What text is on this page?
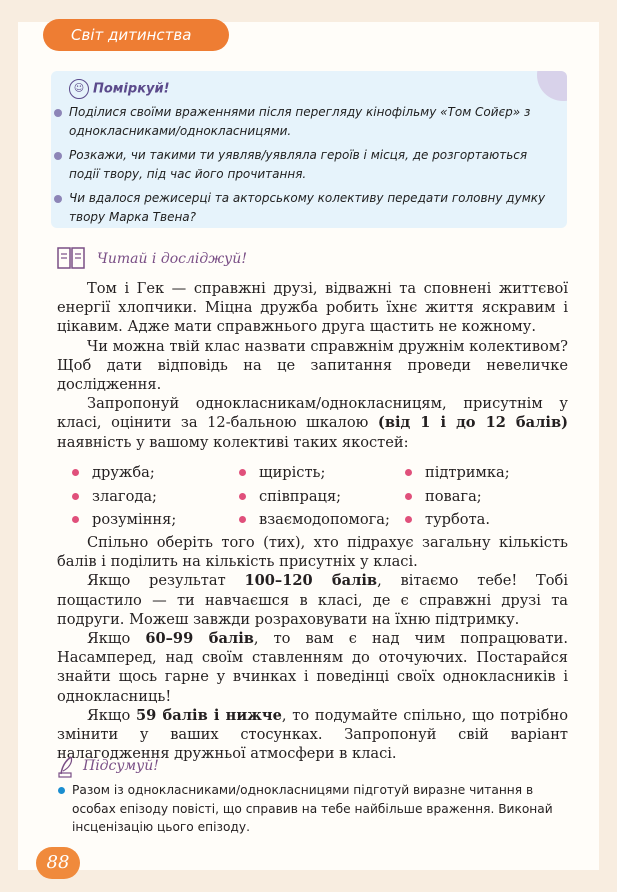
Світ дитинства
☺ Поміркуй!
Поділися своїми враженнями після перегляду кінофільму «Том Сойєр» з однокласниками/однокласницями.
Розкажи, чи такими ти уявляв/уявляла героїв і місця, де розгортаються події твору, під час його прочитання.
Чи вдалося режисерці та акторському колективу передати головну думку твору Марка Твена?
Читай і досліджуй!

Том і Гек — справжні друзі, відважні та сповнені життєвої енергії хлопчики. Міцна дружба робить їхнє життя яскравим і цікавим. Адже мати справжнього друга щастить не кожному.

Чи можна твій клас назвати справжнім дружнім колективом? Щоб дати відповідь на це запитання проведи невеличке дослідження.

Запропонуй однокласникам/однокласницям, присутнім у класі, оцінити за 12-бальною шкалою (від 1 і до 12 балів) наявність у вашому колективі таких якостей:

дружба;
злагода;
розуміння;
щирість;
співпраця;
взаємодопомога;
підтримка;
повага;
турбота.

Спільно оберіть того (тих), хто підрахує загальну кількість балів і поділить на кількість присутніх у класі.

Якщо результат 100–120 балів, вітаємо тебе! Тобі пощастило — ти навчаєшся в класі, де є справжні друзі та подруги. Можеш завжди розраховувати на їхню підтримку.

Якщо 60–99 балів, то вам є над чим попрацювати. Насамперед, над своїм ставленням до оточуючих. Постарайся знайти щось гарне у вчинках і поведінці своїх однокласників і однокласниць!

Якщо 59 балів і нижче, то подумайте спільно, що потрібно змінити у ваших стосунках. Запропонуй свій варіант налагодження дружньої атмосфери в класі.

Підсумуй!
Разом із однокласниками/однокласницями підготуй виразне читання в особах епізоду повісті, що справив на тебе найбільше враження. Виконай інсценізацію цього епізоду.
88
